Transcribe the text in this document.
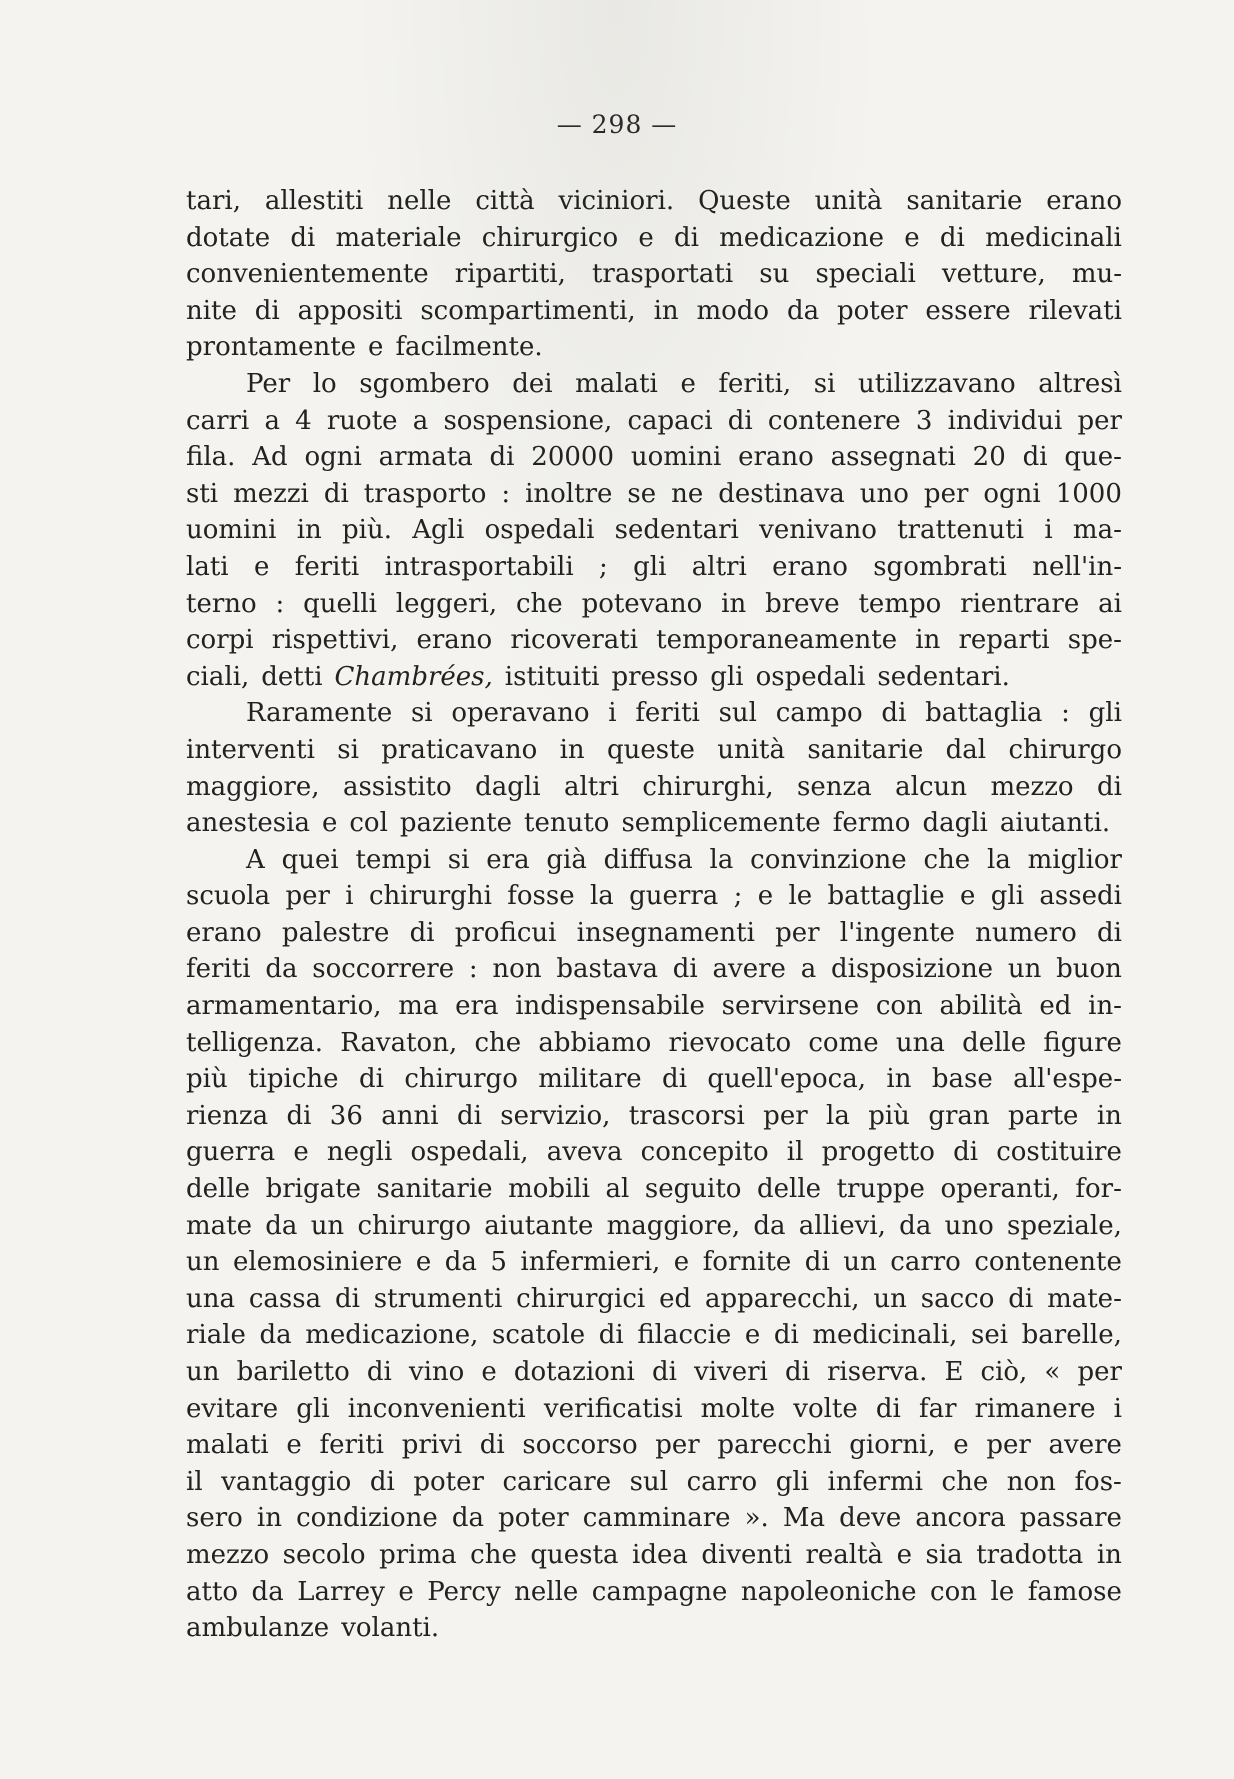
— 298 —
tari, allestiti nelle città viciniori. Queste unità sanitarie erano
dotate di materiale chirurgico e di medicazione e di medicinali
convenientemente ripartiti, trasportati su speciali vetture, mu-
nite di appositi scompartimenti, in modo da poter essere rilevati
prontamente e facilmente.
Per lo sgombero dei malati e feriti, si utilizzavano altresì
carri a 4 ruote a sospensione, capaci di contenere 3 individui per
fila. Ad ogni armata di 20000 uomini erano assegnati 20 di que-
sti mezzi di trasporto : inoltre se ne destinava uno per ogni 1000
uomini in più. Agli ospedali sedentari venivano trattenuti i ma-
lati e feriti intrasportabili ; gli altri erano sgombrati nell'in-
terno : quelli leggeri, che potevano in breve tempo rientrare ai
corpi rispettivi, erano ricoverati temporaneamente in reparti spe-
ciali, detti Chambrées, istituiti presso gli ospedali sedentari.
Raramente si operavano i feriti sul campo di battaglia : gli
interventi si praticavano in queste unità sanitarie dal chirurgo
maggiore, assistito dagli altri chirurghi, senza alcun mezzo di
anestesia e col paziente tenuto semplicemente fermo dagli aiutanti.
A quei tempi si era già diffusa la convinzione che la miglior
scuola per i chirurghi fosse la guerra ; e le battaglie e gli assedi
erano palestre di proficui insegnamenti per l'ingente numero di
feriti da soccorrere : non bastava di avere a disposizione un buon
armamentario, ma era indispensabile servirsene con abilità ed in-
telligenza. Ravaton, che abbiamo rievocato come una delle figure
più tipiche di chirurgo militare di quell'epoca, in base all'espe-
rienza di 36 anni di servizio, trascorsi per la più gran parte in
guerra e negli ospedali, aveva concepito il progetto di costituire
delle brigate sanitarie mobili al seguito delle truppe operanti, for-
mate da un chirurgo aiutante maggiore, da allievi, da uno speziale,
un elemosiniere e da 5 infermieri, e fornite di un carro contenente
una cassa di strumenti chirurgici ed apparecchi, un sacco di mate-
riale da medicazione, scatole di filaccie e di medicinali, sei barelle,
un bariletto di vino e dotazioni di viveri di riserva. E ciò, « per
evitare gli inconvenienti verificatisi molte volte di far rimanere i
malati e feriti privi di soccorso per parecchi giorni, e per avere
il vantaggio di poter caricare sul carro gli infermi che non fos-
sero in condizione da poter camminare ». Ma deve ancora passare
mezzo secolo prima che questa idea diventi realtà e sia tradotta in
atto da Larrey e Percy nelle campagne napoleoniche con le famose
ambulanze volanti.
